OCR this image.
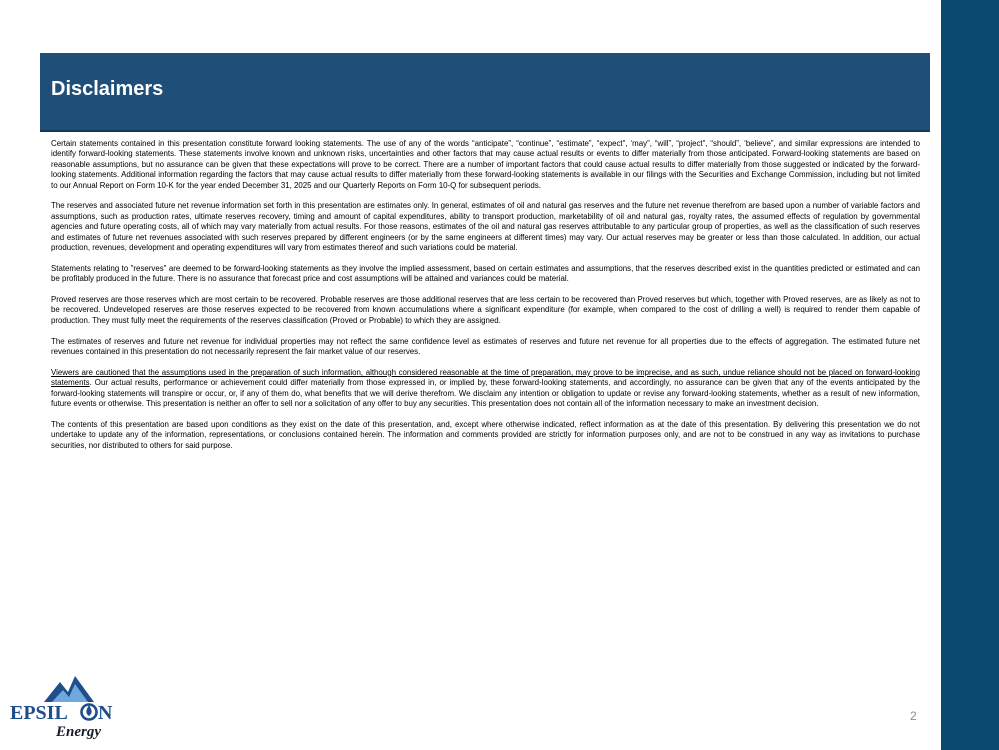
Disclaimers

Certain statements contained in this presentation constitute forward looking statements. The use of any of the words “anticipate”, “continue”, “estimate”, “expect”, ‘may”, “will”, “project”, “should”, ‘believe”, and similar expressions are intended to identify forward-looking statements. These statements involve known and unknown risks, uncertainties and other factors that may cause actual results or events to differ materially from those anticipated. Forward-looking statements are based on reasonable assumptions, but no assurance can be given that these expectations will prove to be correct. There are a number of important factors that could cause actual results to differ materially from those suggested or indicated by the forward-looking statements. Additional information regarding the factors that may cause actual results to differ materially from these forward-looking statements is available in our filings with the Securities and Exchange Commission, including but not limited to our Annual Report on Form 10-K for the year ended December 31, 2025 and our Quarterly Reports on Form 10-Q for subsequent periods.

The reserves and associated future net revenue information set forth in this presentation are estimates only. In general, estimates of oil and natural gas reserves and the future net revenue therefrom are based upon a number of variable factors and assumptions, such as production rates, ultimate reserves recovery, timing and amount of capital expenditures, ability to transport production, marketability of oil and natural gas, royalty rates, the assumed effects of regulation by governmental agencies and future operating costs, all of which may vary materially from actual results. For those reasons, estimates of the oil and natural gas reserves attributable to any particular group of properties, as well as the classification of such reserves and estimates of future net revenues associated with such reserves prepared by different engineers (or by the same engineers at different times) may vary. Our actual reserves may be greater or less than those calculated. In addition, our actual production, revenues, development and operating expenditures will vary from estimates thereof and such variations could be material.

Statements relating to "reserves" are deemed to be forward-looking statements as they involve the implied assessment, based on certain estimates and assumptions, that the reserves described exist in the quantities predicted or estimated and can be profitably produced in the future. There is no assurance that forecast price and cost assumptions will be attained and variances could be material.

Proved reserves are those reserves which are most certain to be recovered. Probable reserves are those additional reserves that are less certain to be recovered than Proved reserves but which, together with Proved reserves, are as likely as not to be recovered. Undeveloped reserves are those reserves expected to be recovered from known accumulations where a significant expenditure (for example, when compared to the cost of drilling a well) is required to render them capable of production. They must fully meet the requirements of the reserves classification (Proved or Probable) to which they are assigned.

The estimates of reserves and future net revenue for individual properties may not reflect the same confidence level as estimates of reserves and future net revenue for all properties due to the effects of aggregation. The estimated future net revenues contained in this presentation do not necessarily represent the fair market value of our reserves.

Viewers are cautioned that the assumptions used in the preparation of such information, although considered reasonable at the time of preparation, may prove to be imprecise, and as such, undue reliance should not be placed on forward-looking statements. Our actual results, performance or achievement could differ materially from those expressed in, or implied by, these forward-looking statements, and accordingly, no assurance can be given that any of the events anticipated by the forward-looking statements will transpire or occur, or, if any of them do, what benefits that we will derive therefrom. We disclaim any intention or obligation to update or revise any forward-looking statements, whether as a result of new information, future events or otherwise. This presentation is neither an offer to sell nor a solicitation of any offer to buy any securities. This presentation does not contain all of the information necessary to make an investment decision.

The contents of this presentation are based upon conditions as they exist on the date of this presentation, and, except where otherwise indicated, reflect information as at the date of this presentation. By delivering this presentation we do not undertake to update any of the information, representations, or conclusions contained herein. The information and comments provided are strictly for information purposes only, and are not to be construed in any way as invitations to purchase securities, nor distributed to others for said purpose.

EPSIL N
Energy
2
